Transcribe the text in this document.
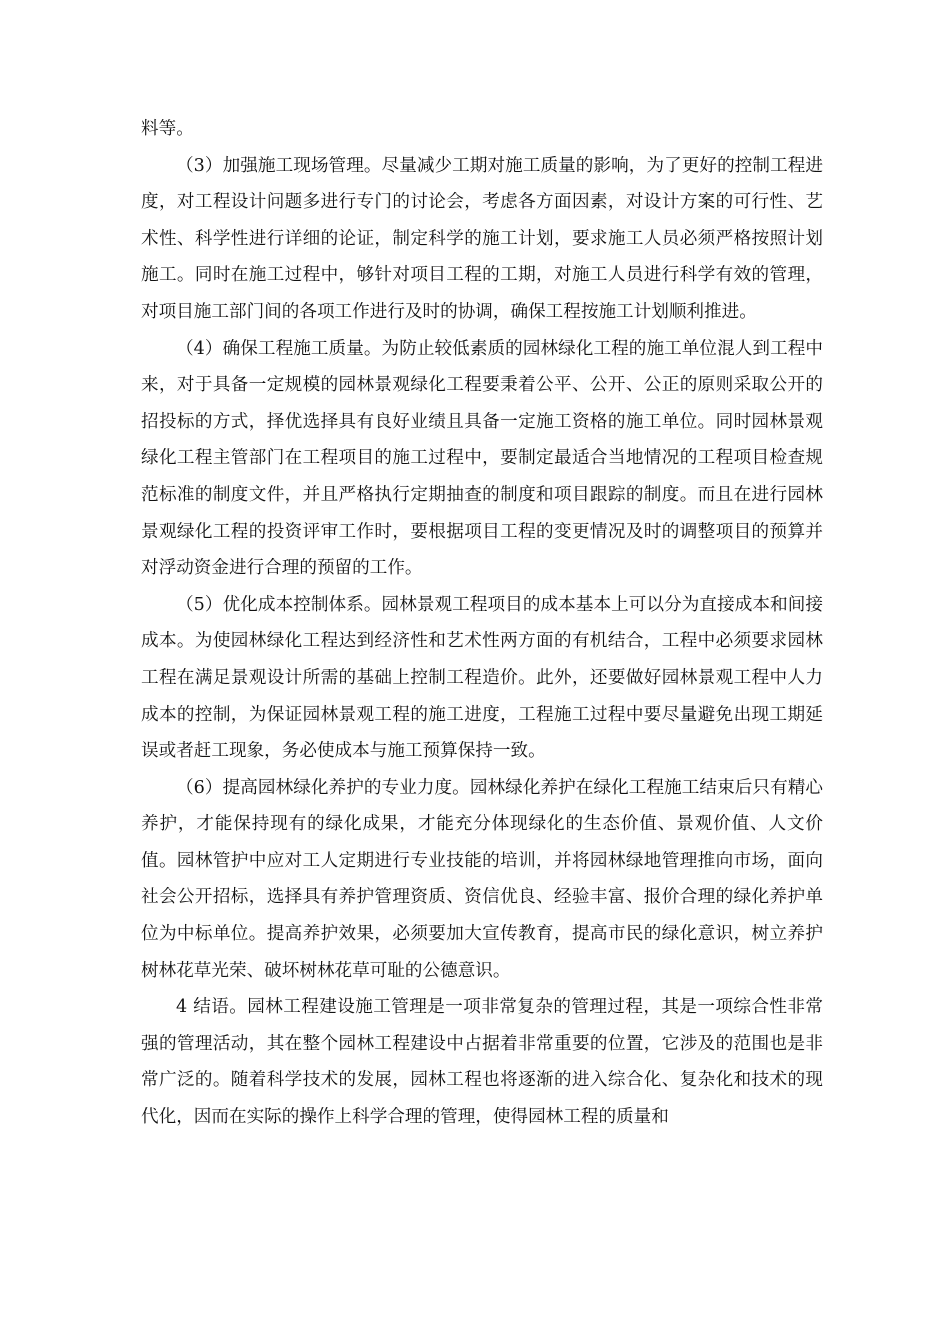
料等。

（3）加强施工现场管理。尽量减少工期对施工质量的影响，为了更好的控制工程进度，对工程设计问题多进行专门的讨论会，考虑各方面因素，对设计方案的可行性、艺术性、科学性进行详细的论证，制定科学的施工计划，要求施工人员必须严格按照计划施工。同时在施工过程中，够针对项目工程的工期，对施工人员进行科学有效的管理，对项目施工部门间的各项工作进行及时的协调，确保工程按施工计划顺利推进。

（4）确保工程施工质量。为防止较低素质的园林绿化工程的施工单位混人到工程中来，对于具备一定规模的园林景观绿化工程要秉着公平、公开、公正的原则采取公开的招投标的方式，择优选择具有良好业绩且具备一定施工资格的施工单位。同时园林景观绿化工程主管部门在工程项目的施工过程中，要制定最适合当地情况的工程项目检查规范标准的制度文件，并且严格执行定期抽查的制度和项目跟踪的制度。而且在进行园林景观绿化工程的投资评审工作时，要根据项目工程的变更情况及时的调整项目的预算并对浮动资金进行合理的预留的工作。

（5）优化成本控制体系。园林景观工程项目的成本基本上可以分为直接成本和间接成本。为使园林绿化工程达到经济性和艺术性两方面的有机结合，工程中必须要求园林工程在满足景观设计所需的基础上控制工程造价。此外，还要做好园林景观工程中人力成本的控制，为保证园林景观工程的施工进度，工程施工过程中要尽量避免出现工期延误或者赶工现象，务必使成本与施工预算保持一致。

（6）提高园林绿化养护的专业力度。园林绿化养护在绿化工程施工结束后只有精心养护，才能保持现有的绿化成果，才能充分体现绿化的生态价值、景观价值、人文价值。园林管护中应对工人定期进行专业技能的培训，并将园林绿地管理推向市场，面向社会公开招标，选择具有养护管理资质、资信优良、经验丰富、报价合理的绿化养护单位为中标单位。提高养护效果，必须要加大宣传教育，提高市民的绿化意识，树立养护树林花草光荣、破坏树林花草可耻的公德意识。

4 结语。园林工程建设施工管理是一项非常复杂的管理过程，其是一项综合性非常强的管理活动，其在整个园林工程建设中占据着非常重要的位置，它涉及的范围也是非常广泛的。随着科学技术的发展，园林工程也将逐渐的进入综合化、复杂化和技术的现代化，因而在实际的操作上科学合理的管理，使得园林工程的质量和
